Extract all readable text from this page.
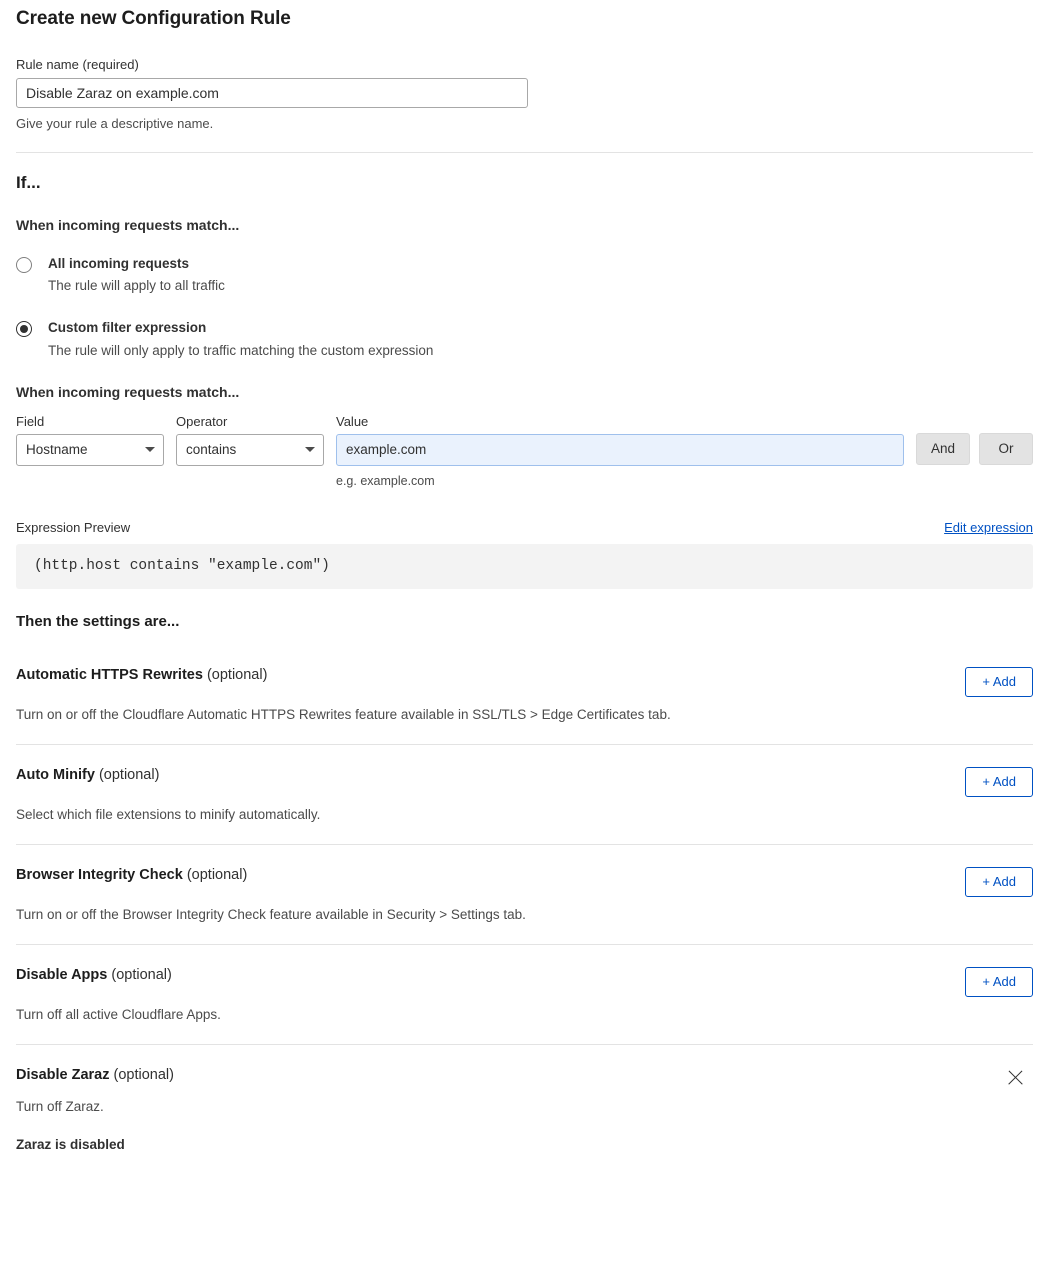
Create new Configuration Rule
Rule name (required)
Disable Zaraz on example.com
Give your rule a descriptive name.
If...
When incoming requests match...
All incoming requests
The rule will apply to all traffic
Custom filter expression
The rule will only apply to traffic matching the custom expression
When incoming requests match...
Field
Hostname
Operator
contains
Value
example.com
e.g. example.com
And	Or
Expression Preview	Edit expression
(http.host contains "example.com")
Then the settings are...
Automatic HTTPS Rewrites (optional)	+ Add
Turn on or off the Cloudflare Automatic HTTPS Rewrites feature available in SSL/TLS > Edge Certificates tab.
Auto Minify (optional)	+ Add
Select which file extensions to minify automatically.
Browser Integrity Check (optional)	+ Add
Turn on or off the Browser Integrity Check feature available in Security > Settings tab.
Disable Apps (optional)	+ Add
Turn off all active Cloudflare Apps.
Disable Zaraz (optional)
Turn off Zaraz.
Zaraz is disabled
